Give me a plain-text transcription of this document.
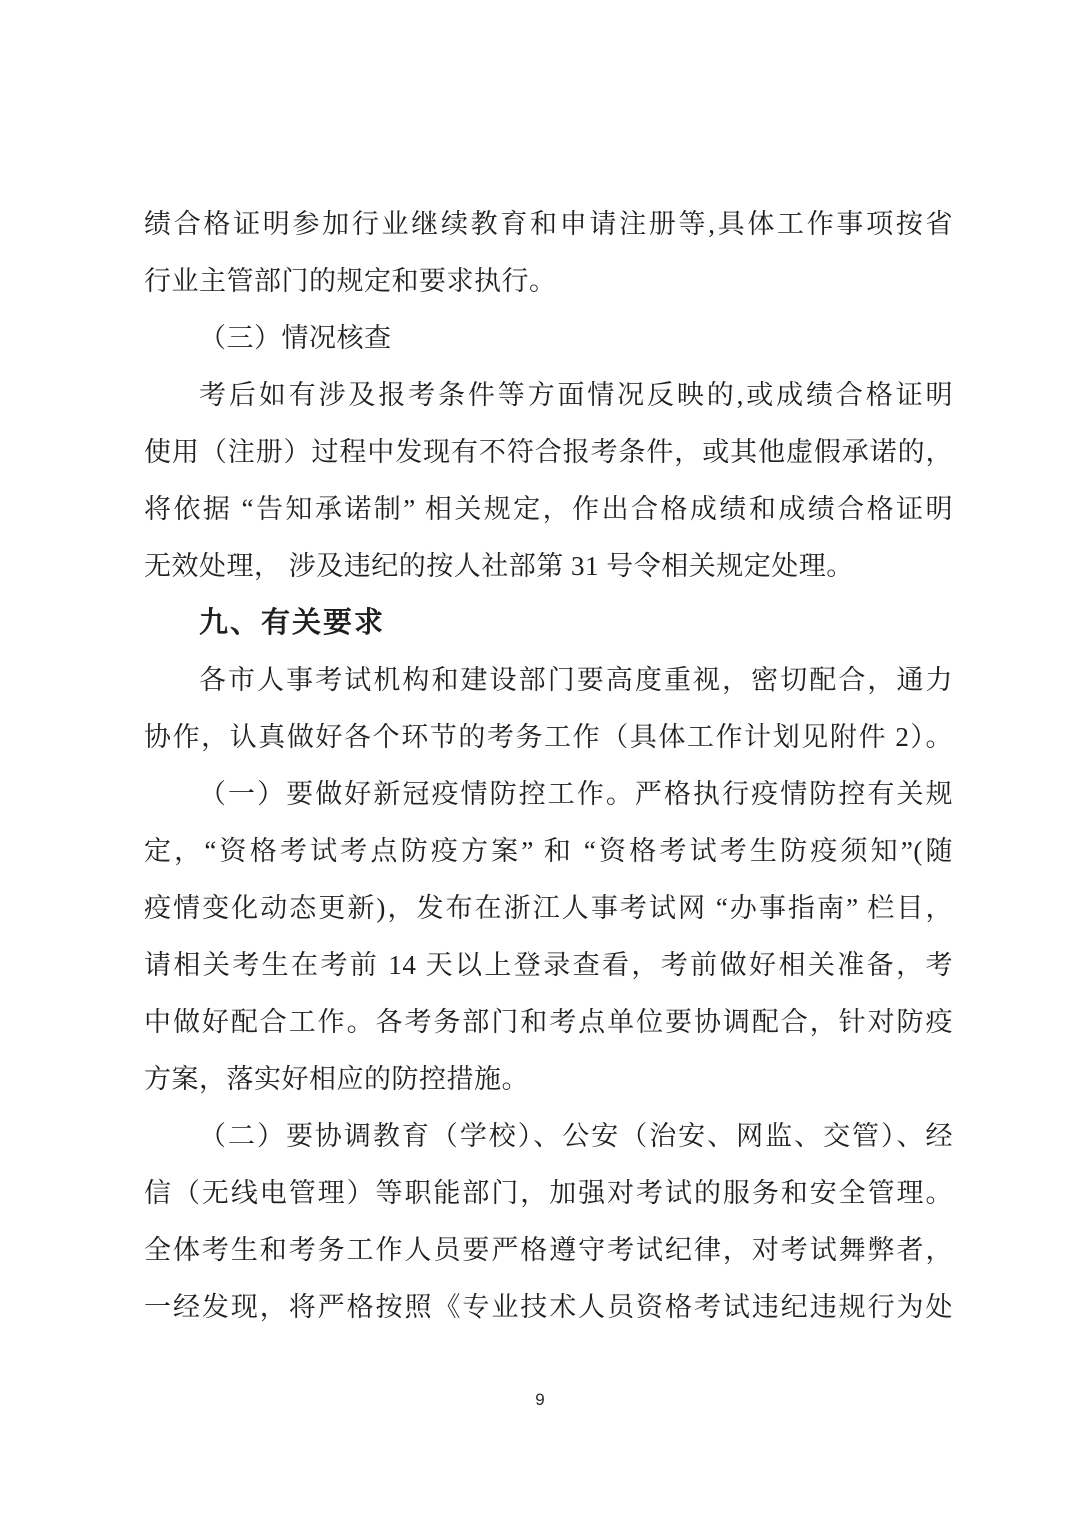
绩合格证明参加行业继续教育和申请注册等,具体工作事项按省
行业主管部门的规定和要求执行。
（三）情况核查
考后如有涉及报考条件等方面情况反映的,或成绩合格证明
使用（注册）过程中发现有不符合报考条件，或其他虚假承诺的，
将依据 “告知承诺制” 相关规定，作出合格成绩和成绩合格证明
无效处理， 涉及违纪的按人社部第 31 号令相关规定处理。
九、有关要求
各市人事考试机构和建设部门要高度重视，密切配合，通力
协作，认真做好各个环节的考务工作（具体工作计划见附件 2）。
（一）要做好新冠疫情防控工作。严格执行疫情防控有关规
定，“资格考试考点防疫方案” 和 “资格考试考生防疫须知”(随
疫情变化动态更新)，发布在浙江人事考试网 “办事指南” 栏目，
请相关考生在考前 14 天以上登录查看，考前做好相关准备，考
中做好配合工作。各考务部门和考点单位要协调配合，针对防疫
方案，落实好相应的防控措施。
（二）要协调教育（学校）、公安（治安、网监、交管）、经
信（无线电管理）等职能部门，加强对考试的服务和安全管理。
全体考生和考务工作人员要严格遵守考试纪律，对考试舞弊者，
一经发现，将严格按照《专业技术人员资格考试违纪违规行为处
9
